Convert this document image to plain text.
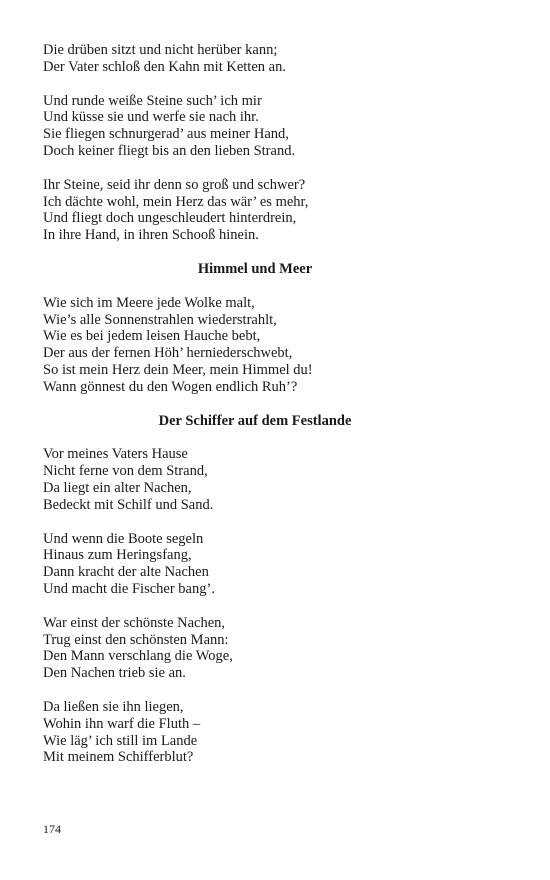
Die drüben sitzt und nicht herüber kann;
Der Vater schloß den Kahn mit Ketten an.
Und runde weiße Steine such’ ich mir
Und küsse sie und werfe sie nach ihr.
Sie fliegen schnurgerad’ aus meiner Hand,
Doch keiner fliegt bis an den lieben Strand.
Ihr Steine, seid ihr denn so groß und schwer?
Ich dächte wohl, mein Herz das wär’ es mehr,
Und fliegt doch ungeschleudert hinterdrein,
In ihre Hand, in ihren Schooß hinein.
Himmel und Meer
Wie sich im Meere jede Wolke malt,
Wie’s alle Sonnenstrahlen wiederstrahlt,
Wie es bei jedem leisen Hauche bebt,
Der aus der fernen Höh’ herniederschwebt,
So ist mein Herz dein Meer, mein Himmel du!
Wann gönnest du den Wogen endlich Ruh’?
Der Schiffer auf dem Festlande
Vor meines Vaters Hause
Nicht ferne von dem Strand,
Da liegt ein alter Nachen,
Bedeckt mit Schilf und Sand.
Und wenn die Boote segeln
Hinaus zum Heringsfang,
Dann kracht der alte Nachen
Und macht die Fischer bang’.
War einst der schönste Nachen,
Trug einst den schönsten Mann:
Den Mann verschlang die Woge,
Den Nachen trieb sie an.
Da ließen sie ihn liegen,
Wohin ihn warf die Fluth –
Wie läg’ ich still im Lande
Mit meinem Schifferblut?
174
